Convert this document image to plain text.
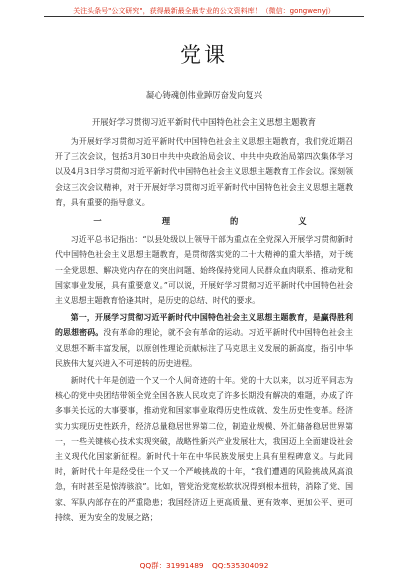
关注头条号"公文研究"，获得最新最全最专业的公文资料库！（微信：gongwenyj）
党课
凝心铸魂创伟业踔厉奋发向复兴
开展好学习贯彻习近平新时代中国特色社会主义思想主题教育

为开展好学习贯彻习近平新时代中国特色社会主义思想主题教育，我们党近期召开了三次会议，包括3月30日中共中央政治局会议、中共中央政治局第四次集体学习以及4月3日学习贯彻习近平新时代中国特色社会主义思想主题教育工作会议。深刻领会这三次会议精神，对于开展好学习贯彻习近平新时代中国特色社会主义思想主题教育，具有重要的指导意义。

一	理	的	义

习近平总书记指出：“以县处级以上领导干部为重点在全党深入开展学习贯彻新时代中国特色社会主义思想主题教育，是贯彻落实党的二十大精神的重大举措，对于统一全党思想、解决党内存在的突出问题、始终保持党同人民群众血肉联系、推动党和国家事业发展，具有重要意义。”可以说，开展好学习贯彻习近平新时代中国特色社会主义思想主题教育恰逢其时，是历史的总结、时代的要求。

第一，开展学习贯彻习近平新时代中国特色社会主义思想主题教育，是赢得胜利的思想密码。没有革命的理论，就不会有革命的运动。习近平新时代中国特色社会主义思想不断丰富发展，以原创性理论贡献标注了马克思主义发展的新高度，指引中华民族伟大复兴进入不可逆转的历史进程。

新时代十年是创造一个又一个人间奇迹的十年。党的十大以来，以习近平同志为核心的党中央团结带领全党全国各族人民攻克了许多长期没有解决的难题，办成了许多事关长远的大事要事，推动党和国家事业取得历史性成就、发生历史性变革。经济实力实现历史性跃升，经济总量稳居世界第二位，制造业规模、外汇储备稳居世界第一，一些关键核心技术实现突破，战略性新兴产业发展壮大，我国迈上全面建设社会主义现代化国家新征程。新时代十年在中华民族发展史上具有里程碑意义。与此同时，新时代十年是经受住一个又一个严峻挑战的十年，“我们遭遇的风险挑战风高浪急，有时甚至是惊涛骇浪”。比如，管党治党宽松软状况得到根本扭转，消除了党、国家、军队内部存在的严重隐患；我国经济迈上更高质量、更有效率、更加公平、更可持续、更为安全的发展之路；

QQ群：31991489 QQ:535304092
